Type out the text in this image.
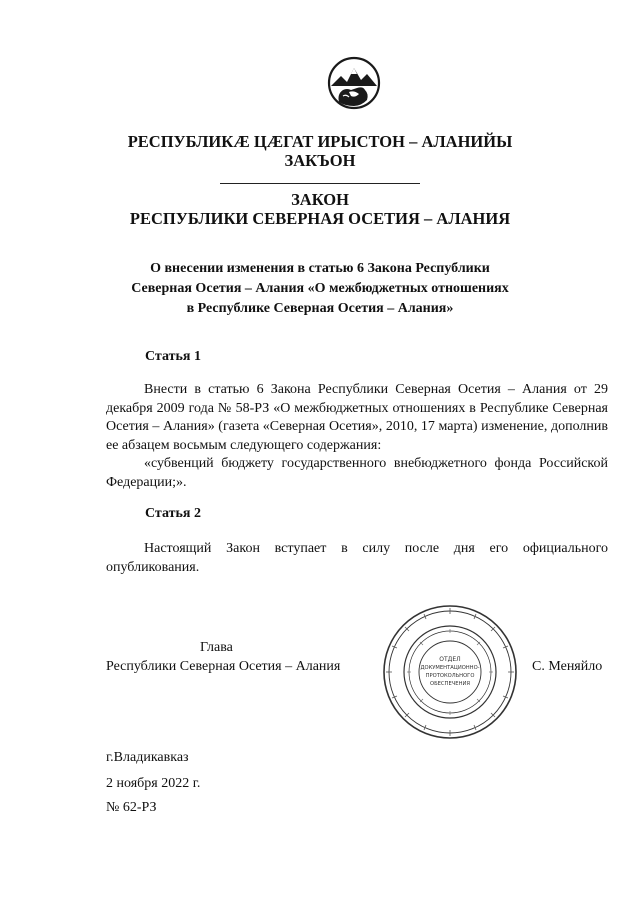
РЕСПУБЛИКÆ ЦÆГАТ ИРЫСТОН – АЛАНИЙЫ
ЗАКЪОН
ЗАКОН
РЕСПУБЛИКИ СЕВЕРНАЯ ОСЕТИЯ – АЛАНИЯ
О внесении изменения в статью 6 Закона Республики
Северная Осетия – Алания «О межбюджетных отношениях
в Республике Северная Осетия – Алания»
Статья 1

Внести в статью 6 Закона Республики Северная Осетия – Алания от 29 декабря 2009 года № 58-РЗ «О межбюджетных отношениях в Республике Северная Осетия – Алания» (газета «Северная Осетия», 2010, 17 марта) изменение, дополнив ее абзацем восьмым следующего содержания:

«субвенций бюджету государственного внебюджетного фонда Российской Федерации;».

Статья 2

Настоящий Закон вступает в силу после дня его официального опубликования.

Глава
Республики Северная Осетия – Алания	С. Меняйло
ОТДЕЛ
ДОКУМЕНТАЦИОННО-
ПРОТОКОЛЬНОГО
ОБЕСПЕЧЕНИЯ
г.Владикавказ
2 ноября 2022 г.
№ 62-РЗ
